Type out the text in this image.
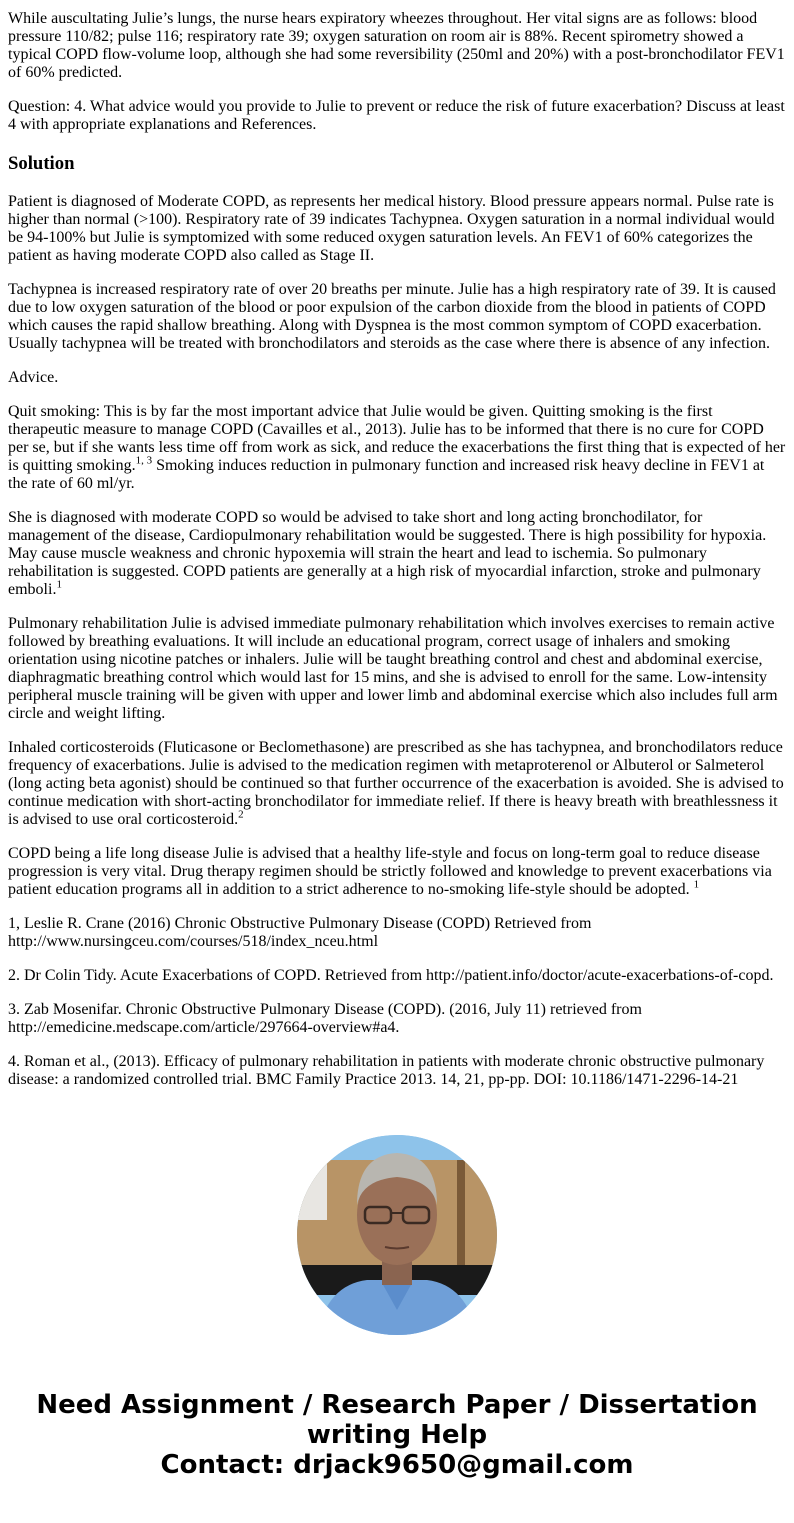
While auscultating Julie’s lungs, the nurse hears expiratory wheezes throughout. Her vital signs are as follows: blood pressure 110/82; pulse 116; respiratory rate 39; oxygen saturation on room air is 88%. Recent spirometry showed a typical COPD flow-volume loop, although she had some reversibility (250ml and 20%) with a post-bronchodilator FEV1 of 60% predicted.

Question: 4. What advice would you provide to Julie to prevent or reduce the risk of future exacerbation? Discuss at least 4 with appropriate explanations and References.

Solution

Patient is diagnosed of Moderate COPD, as represents her medical history. Blood pressure appears normal. Pulse rate is higher than normal (>100). Respiratory rate of 39 indicates Tachypnea. Oxygen saturation in a normal individual would be 94-100% but Julie is symptomized with some reduced oxygen saturation levels. An FEV1 of 60% categorizes the patient as having moderate COPD also called as Stage II.

Tachypnea is increased respiratory rate of over 20 breaths per minute. Julie has a high respiratory rate of 39. It is caused due to low oxygen saturation of the blood or poor expulsion of the carbon dioxide from the blood in patients of COPD which causes the rapid shallow breathing. Along with Dyspnea is the most common symptom of COPD exacerbation. Usually tachypnea will be treated with bronchodilators and steroids as the case where there is absence of any infection.

Advice.

Quit smoking: This is by far the most important advice that Julie would be given. Quitting smoking is the first therapeutic measure to manage COPD (Cavailles et al., 2013). Julie has to be informed that there is no cure for COPD per se, but if she wants less time off from work as sick, and reduce the exacerbations the first thing that is expected of her is quitting smoking.$^{1, 3}$ Smoking induces reduction in pulmonary function and increased risk heavy decline in FEV1 at the rate of 60 ml/yr.

She is diagnosed with moderate COPD so would be advised to take short and long acting bronchodilator, for management of the disease, Cardiopulmonary rehabilitation would be suggested. There is high possibility for hypoxia. May cause muscle weakness and chronic hypoxemia will strain the heart and lead to ischemia. So pulmonary rehabilitation is suggested. COPD patients are generally at a high risk of myocardial infarction, stroke and pulmonary emboli.$^1$

Pulmonary rehabilitation Julie is advised immediate pulmonary rehabilitation which involves exercises to remain active followed by breathing evaluations. It will include an educational program, correct usage of inhalers and smoking orientation using nicotine patches or inhalers. Julie will be taught breathing control and chest and abdominal exercise, diaphragmatic breathing control which would last for 15 mins, and she is advised to enroll for the same. Low-intensity peripheral muscle training will be given with upper and lower limb and abdominal exercise which also includes full arm circle and weight lifting.

Inhaled corticosteroids (Fluticasone or Beclomethasone) are prescribed as she has tachypnea, and bronchodilators reduce frequency of exacerbations. Julie is advised to the medication regimen with metaproterenol or Albuterol or Salmeterol (long acting beta agonist) should be continued so that further occurrence of the exacerbation is avoided. She is advised to continue medication with short-acting bronchodilator for immediate relief. If there is heavy breath with breathlessness it is advised to use oral corticosteroid.$^2$

COPD being a life long disease Julie is advised that a healthy life-style and focus on long-term goal to reduce disease progression is very vital. Drug therapy regimen should be strictly followed and knowledge to prevent exacerbations via patient education programs all in addition to a strict adherence to no-smoking life-style should be adopted. $^1$

1, Leslie R. Crane (2016) Chronic Obstructive Pulmonary Disease (COPD) Retrieved from http://www.nursingceu.com/courses/518/index_nceu.html

2. Dr Colin Tidy. Acute Exacerbations of COPD. Retrieved from http://patient.info/doctor/acute-exacerbations-of-copd.

3. Zab Mosenifar. Chronic Obstructive Pulmonary Disease (COPD). (2016, July 11) retrieved from http://emedicine.medscape.com/article/297664-overview#a4.

4. Roman et al., (2013). Efficacy of pulmonary rehabilitation in patients with moderate chronic obstructive pulmonary disease: a randomized controlled trial. BMC Family Practice 2013. 14, 21, pp-pp. DOI: 10.1186/1471-2296-14-21

Need Assignment / Research Paper / Dissertation
writing Help
Contact: drjack9650@gmail.com
